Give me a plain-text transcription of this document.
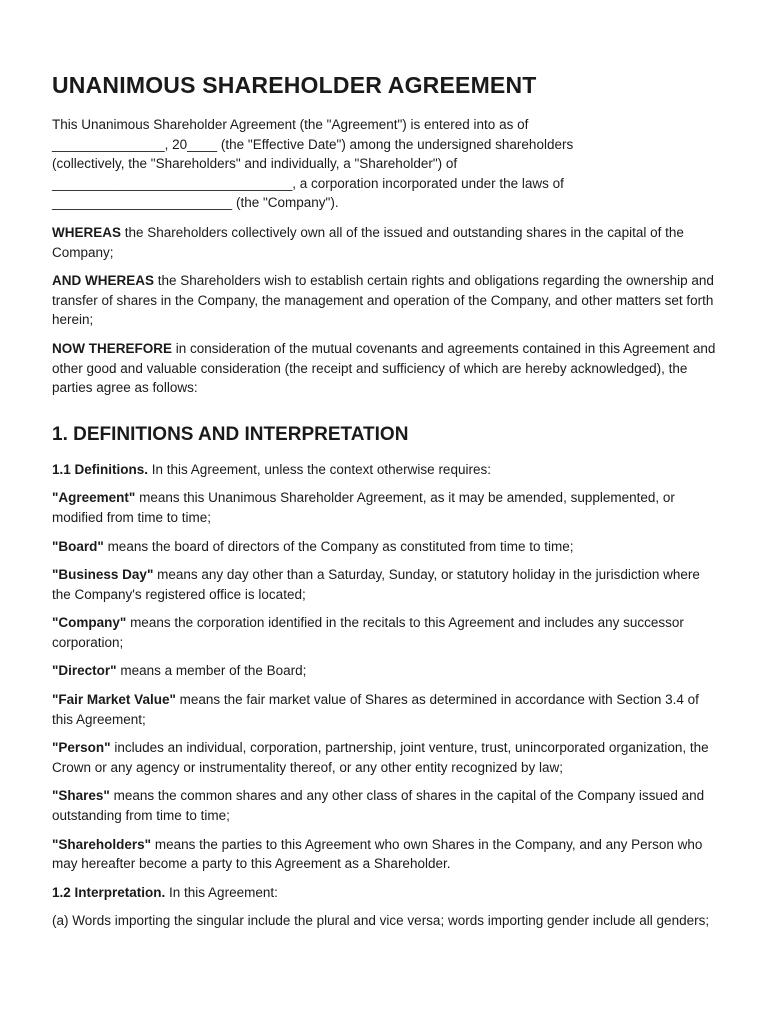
UNANIMOUS SHAREHOLDER AGREEMENT

This Unanimous Shareholder Agreement (the "Agreement") is entered into as of
_______________, 20____ (the "Effective Date") among the undersigned shareholders
(collectively, the "Shareholders" and individually, a "Shareholder") of
________________________________, a corporation incorporated under the laws of
________________________ (the "Company").

WHEREAS the Shareholders collectively own all of the issued and outstanding shares in the capital of the Company;

AND WHEREAS the Shareholders wish to establish certain rights and obligations regarding the ownership and transfer of shares in the Company, the management and operation of the Company, and other matters set forth herein;

NOW THEREFORE in consideration of the mutual covenants and agreements contained in this Agreement and other good and valuable consideration (the receipt and sufficiency of which are hereby acknowledged), the parties agree as follows:

1. DEFINITIONS AND INTERPRETATION

1.1 Definitions. In this Agreement, unless the context otherwise requires:

"Agreement" means this Unanimous Shareholder Agreement, as it may be amended, supplemented, or modified from time to time;

"Board" means the board of directors of the Company as constituted from time to time;

"Business Day" means any day other than a Saturday, Sunday, or statutory holiday in the jurisdiction where the Company's registered office is located;

"Company" means the corporation identified in the recitals to this Agreement and includes any successor corporation;

"Director" means a member of the Board;

"Fair Market Value" means the fair market value of Shares as determined in accordance with Section 3.4 of this Agreement;

"Person" includes an individual, corporation, partnership, joint venture, trust, unincorporated organization, the Crown or any agency or instrumentality thereof, or any other entity recognized by law;

"Shares" means the common shares and any other class of shares in the capital of the Company issued and outstanding from time to time;

"Shareholders" means the parties to this Agreement who own Shares in the Company, and any Person who may hereafter become a party to this Agreement as a Shareholder.

1.2 Interpretation. In this Agreement:

(a) Words importing the singular include the plural and vice versa; words importing gender include all genders;
